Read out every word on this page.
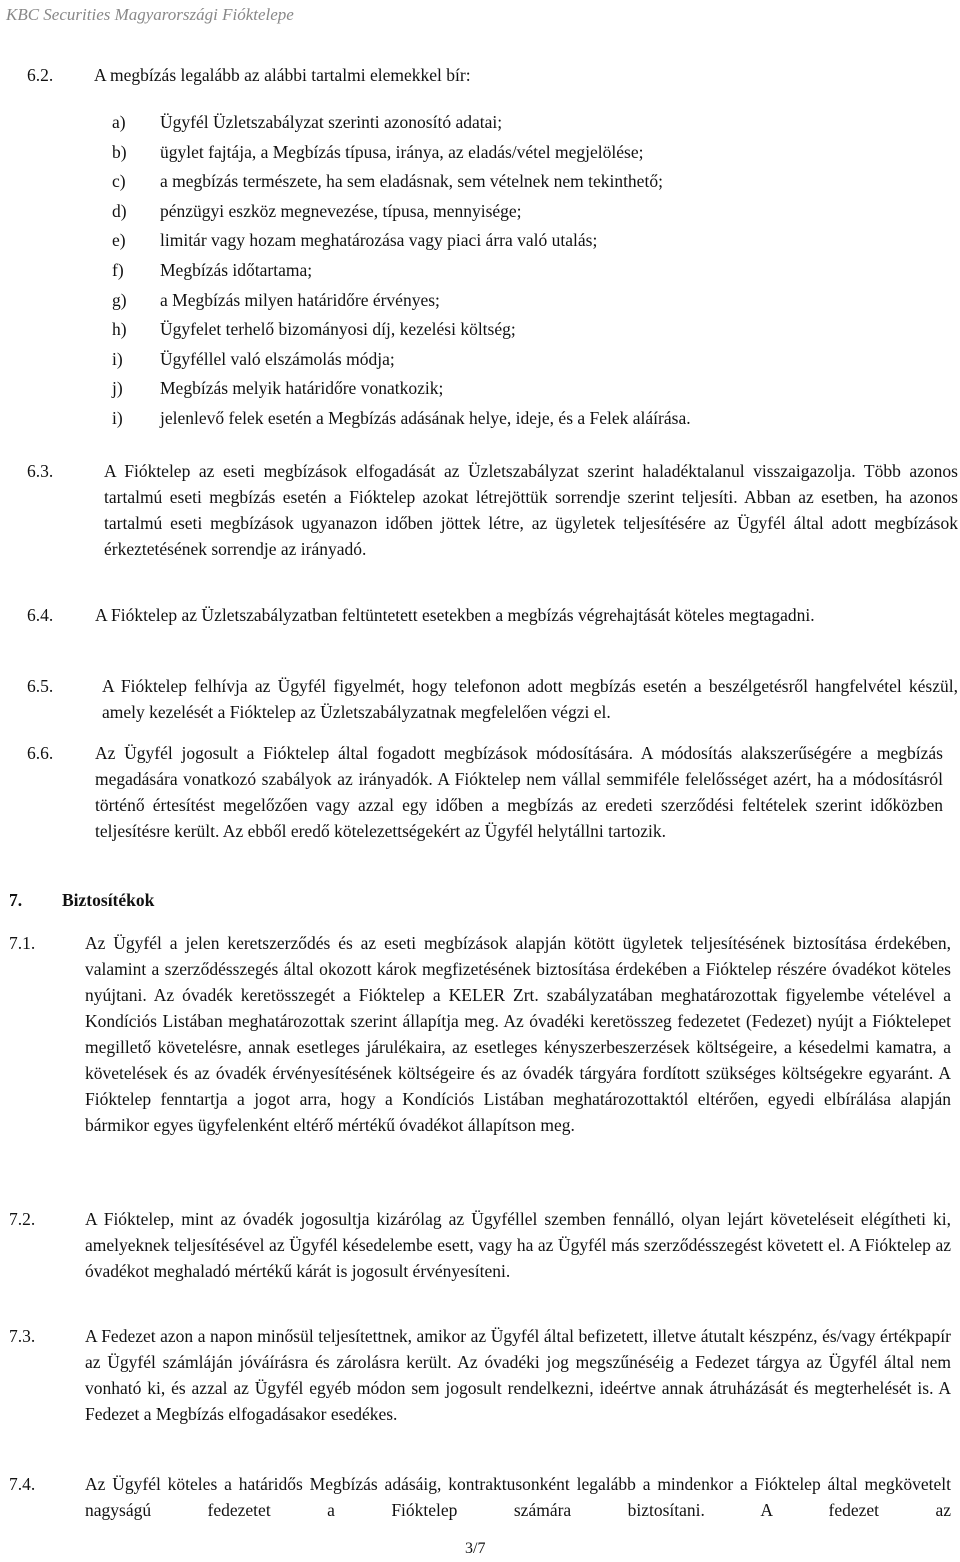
KBC Securities Magyarországi Fióktelepe
6.2. A megbízás legalább az alábbi tartalmi elemekkel bír:
a) Ügyfél Üzletszabályzat szerinti azonosító adatai;
b) ügylet fajtája, a Megbízás típusa, iránya, az eladás/vétel megjelölése;
c) a megbízás természete, ha sem eladásnak, sem vételnek nem tekinthető;
d) pénzügyi eszköz megnevezése, típusa, mennyisége;
e) limitár vagy hozam meghatározása vagy piaci árra való utalás;
f) Megbízás időtartama;
g) a Megbízás milyen határidőre érvényes;
h) Ügyfelet terhelő bizományosi díj, kezelési költség;
i) Ügyféllel való elszámolás módja;
j) Megbízás melyik határidőre vonatkozik;
i) jelenlevő felek esetén a Megbízás adásának helye, ideje, és a Felek aláírása.
6.3.	A Fióktelep az eseti megbízások elfogadását az Üzletszabályzat szerint haladéktalanul visszaigazolja. Több azonos tartalmú eseti megbízás esetén a Fióktelep azokat létrejöttük sorrendje szerint teljesíti. Abban az esetben, ha azonos tartalmú eseti megbízások ugyanazon időben jöttek létre, az ügyletek teljesítésére az Ügyfél által adott megbízások érkeztetésének sorrendje az irányadó.
6.4. A Fióktelep az Üzletszabályzatban feltüntetett esetekben a megbízás végrehajtását köteles megtagadni.
6.5.	A Fióktelep felhívja az Ügyfél figyelmét, hogy telefonon adott megbízás esetén a beszélgetésről hangfelvétel készül, amely kezelését a Fióktelep az Üzletszabályzatnak megfelelően végzi el.
6.6. Az Ügyfél jogosult a Fióktelep által fogadott megbízások módosítására. A módosítás alakszerűségére a megbízás megadására vonatkozó szabályok az irányadók. A Fióktelep nem vállal semmiféle felelősséget azért, ha a módosításról történő értesítést megelőzően vagy azzal egy időben a megbízás az eredeti szerződési feltételek szerint időközben teljesítésre került. Az ebből eredő kötelezettségekért az Ügyfél helytállni tartozik.
7. Biztosítékok
7.1.	Az Ügyfél a jelen keretszerződés és az eseti megbízások alapján kötött ügyletek teljesítésének biztosítása érdekében, valamint a szerződésszegés által okozott károk megfizetésének biztosítása érdekében a Fióktelep részére óvadékot köteles nyújtani. Az óvadék keretösszegét a Fióktelep a KELER Zrt. szabályzatában meghatározottak figyelembe vételével a Kondíciós Listában meghatározottak szerint állapítja meg. Az óvadéki keretösszeg fedezetet (Fedezet) nyújt a Fióktelepet megillető követelésre, annak esetleges járulékaira, az esetleges kényszerbeszerzések költségeire, a késedelmi kamatra, a követelések és az óvadék érvényesítésének költségeire és az óvadék tárgyára fordított szükséges költségekre egyaránt. A Fióktelep fenntartja a jogot arra, hogy a Kondíciós Listában meghatározottaktól eltérően, egyedi elbírálása alapján bármikor egyes ügyfelenként eltérő mértékű óvadékot állapítson meg.
7.2.	A Fióktelep, mint az óvadék jogosultja kizárólag az Ügyféllel szemben fennálló, olyan lejárt követeléseit elégítheti ki, amelyeknek teljesítésével az Ügyfél késedelembe esett, vagy ha az Ügyfél más szerződésszegést követett el. A Fióktelep az óvadékot meghaladó mértékű kárát is jogosult érvényesíteni.
7.3.	A Fedezet azon a napon minősül teljesítettnek, amikor az Ügyfél által befizetett, illetve átutalt készpénz, és/vagy értékpapír az Ügyfél számláján jóváírásra és zárolásra került. Az óvadéki jog megszűnéséig a Fedezet tárgya az Ügyfél által nem vonható ki, és azzal az Ügyfél egyéb módon sem jogosult rendelkezni, ideértve annak átruházását és megterhelését is. A Fedezet a Megbízás elfogadásakor esedékes.
7.4.	Az Ügyfél köteles a határidős Megbízás adásáig, kontraktusonként legalább a mindenkor a Fióktelep által megkövetelt nagyságú fedezetet a Fióktelep számára biztosítani. A fedezet az
3/7
